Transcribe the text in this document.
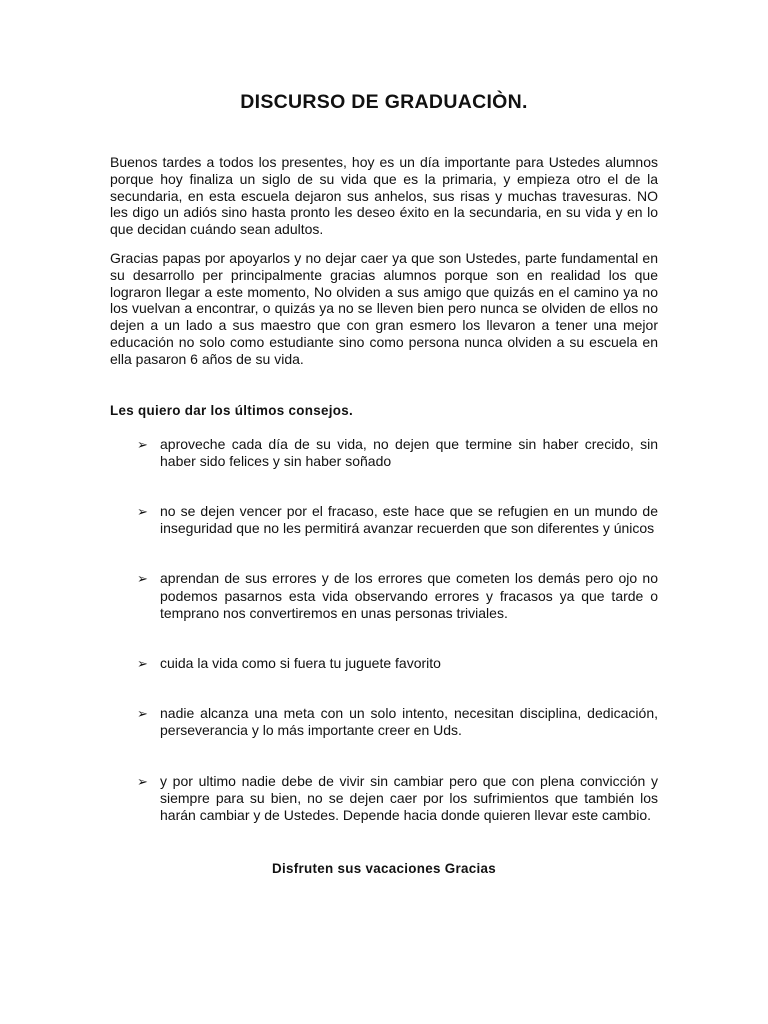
DISCURSO DE GRADUACIÒN.

Buenos tardes a todos los presentes, hoy es un día importante para Ustedes alumnos porque hoy finaliza un siglo de su vida que es la primaria, y empieza otro el de la secundaria, en esta escuela dejaron sus anhelos, sus risas y muchas travesuras. NO les digo un adiós sino hasta pronto les deseo éxito en la secundaria, en su vida y en lo que decidan cuándo sean adultos.

Gracias papas por apoyarlos y no dejar caer ya que son Ustedes, parte fundamental en su desarrollo per principalmente gracias alumnos porque son en realidad los que lograron llegar a este momento, No olviden a sus amigo que quizás en el camino ya no los vuelvan a encontrar, o quizás ya no se lleven bien pero nunca se olviden de ellos no dejen a un lado a sus maestro que con gran esmero los llevaron a tener una mejor educación no solo como estudiante sino como persona nunca olviden a su escuela en ella pasaron 6 años de su vida.

Les quiero dar los últimos consejos.
➢ aproveche cada día de su vida, no dejen que termine sin haber crecido, sin haber sido felices y sin haber soñado
➢ no se dejen vencer por el fracaso, este hace que se refugien en un mundo de inseguridad que no les permitirá avanzar recuerden que son diferentes y únicos
➢ aprendan de sus errores y de los errores que cometen los demás pero ojo no podemos pasarnos esta vida observando errores y fracasos ya que tarde o temprano nos convertiremos en unas personas triviales.
➢ cuida la vida como si fuera tu juguete favorito
➢ nadie alcanza una meta con un solo intento, necesitan disciplina, dedicación, perseverancia y lo más importante creer en Uds.
➢ y por ultimo nadie debe de vivir sin cambiar pero que con plena convicción y siempre para su bien, no se dejen caer por los sufrimientos que también los harán cambiar y de Ustedes. Depende hacia donde quieren llevar este cambio.
Disfruten sus vacaciones Gracias
